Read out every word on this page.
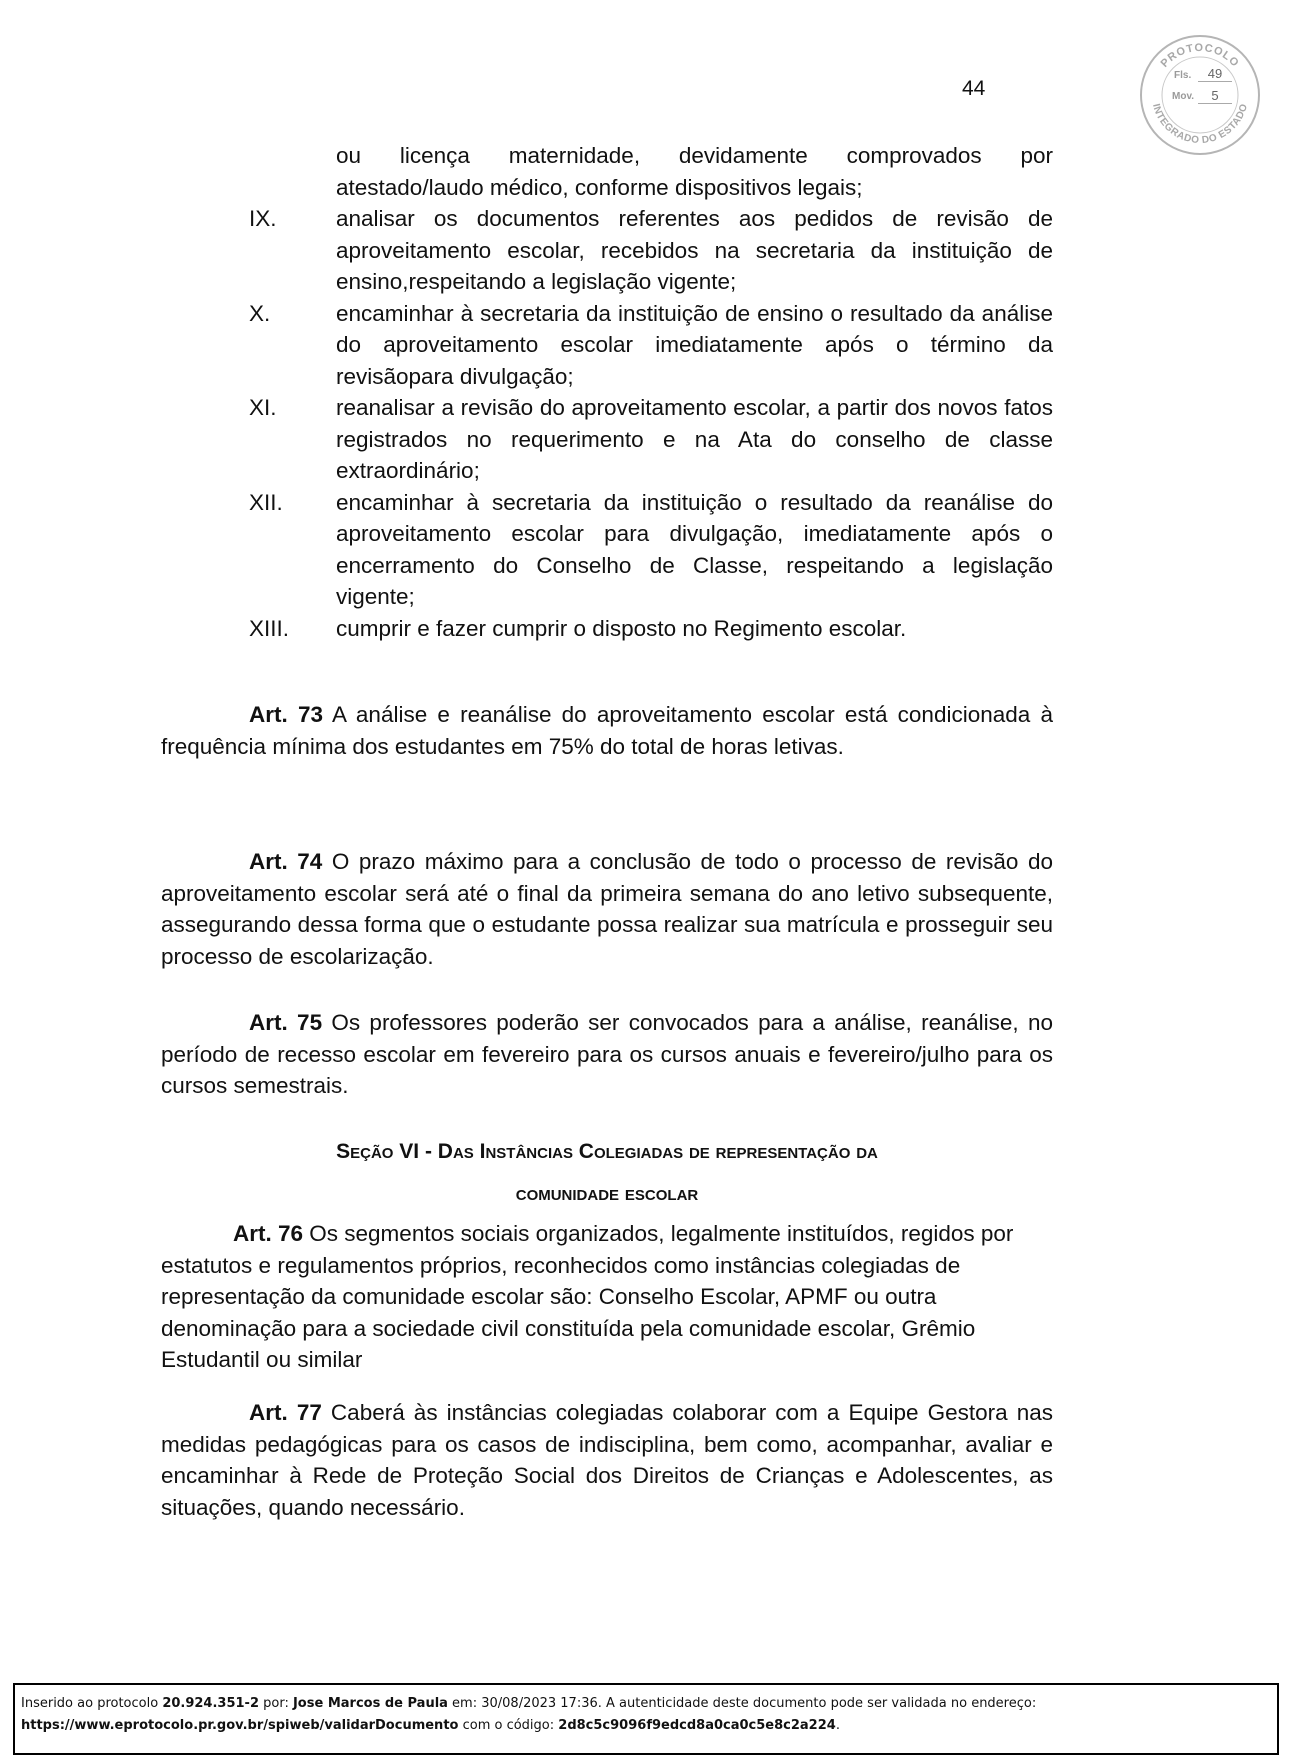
44
PROTOCOLO
INTEGRADO DO ESTADO
Fls.	49
Mov.	5
ou licença maternidade, devidamente comprovados por
atestado/laudo médico, conforme dispositivos legais;
IX.	analisar os documentos referentes aos pedidos de revisão de aproveitamento escolar, recebidos na secretaria da instituição de ensino,respeitando a legislação vigente;
X.	encaminhar à secretaria da instituição de ensino o resultado da análise do aproveitamento escolar imediatamente após o término da revisãopara divulgação;
XI.	reanalisar a revisão do aproveitamento escolar, a partir dos novos fatos registrados no requerimento e na Ata do conselho de classe extraordinário;
XII.	encaminhar à secretaria da instituição o resultado da reanálise do aproveitamento escolar para divulgação, imediatamente após o encerramento do Conselho de Classe, respeitando a legislação vigente;
XIII.	cumprir e fazer cumprir o disposto no Regimento escolar.
Art. 73 A análise e reanálise do aproveitamento escolar está condicionada à frequência mínima dos estudantes em 75% do total de horas letivas.
Art. 74 O prazo máximo para a conclusão de todo o processo de revisão do aproveitamento escolar será até o final da primeira semana do ano letivo subsequente, assegurando dessa forma que o estudante possa realizar sua matrícula e prosseguir seu processo de escolarização.
Art. 75 Os professores poderão ser convocados para a análise, reanálise, no período de recesso escolar em fevereiro para os cursos anuais e fevereiro/julho para os cursos semestrais.
Seção VI - Das Instâncias Colegiadas de representação da
comunidade escolar
Art. 76 Os segmentos sociais organizados, legalmente instituídos, regidos por estatutos e regulamentos próprios, reconhecidos como instâncias colegiadas de representação da comunidade escolar são: Conselho Escolar, APMF ou outra denominação para a sociedade civil constituída pela comunidade escolar, Grêmio Estudantil ou similar
Art. 77 Caberá às instâncias colegiadas colaborar com a Equipe Gestora nas medidas pedagógicas para os casos de indisciplina, bem como, acompanhar, avaliar e encaminhar à Rede de Proteção Social dos Direitos de Crianças e Adolescentes, as situações, quando necessário.
Inserido ao protocolo 20.924.351-2 por: Jose Marcos de Paula em: 30/08/2023 17:36. A autenticidade deste documento pode ser validada no endereço:
https://www.eprotocolo.pr.gov.br/spiweb/validarDocumento com o código: 2d8c5c9096f9edcd8a0ca0c5e8c2a224.
